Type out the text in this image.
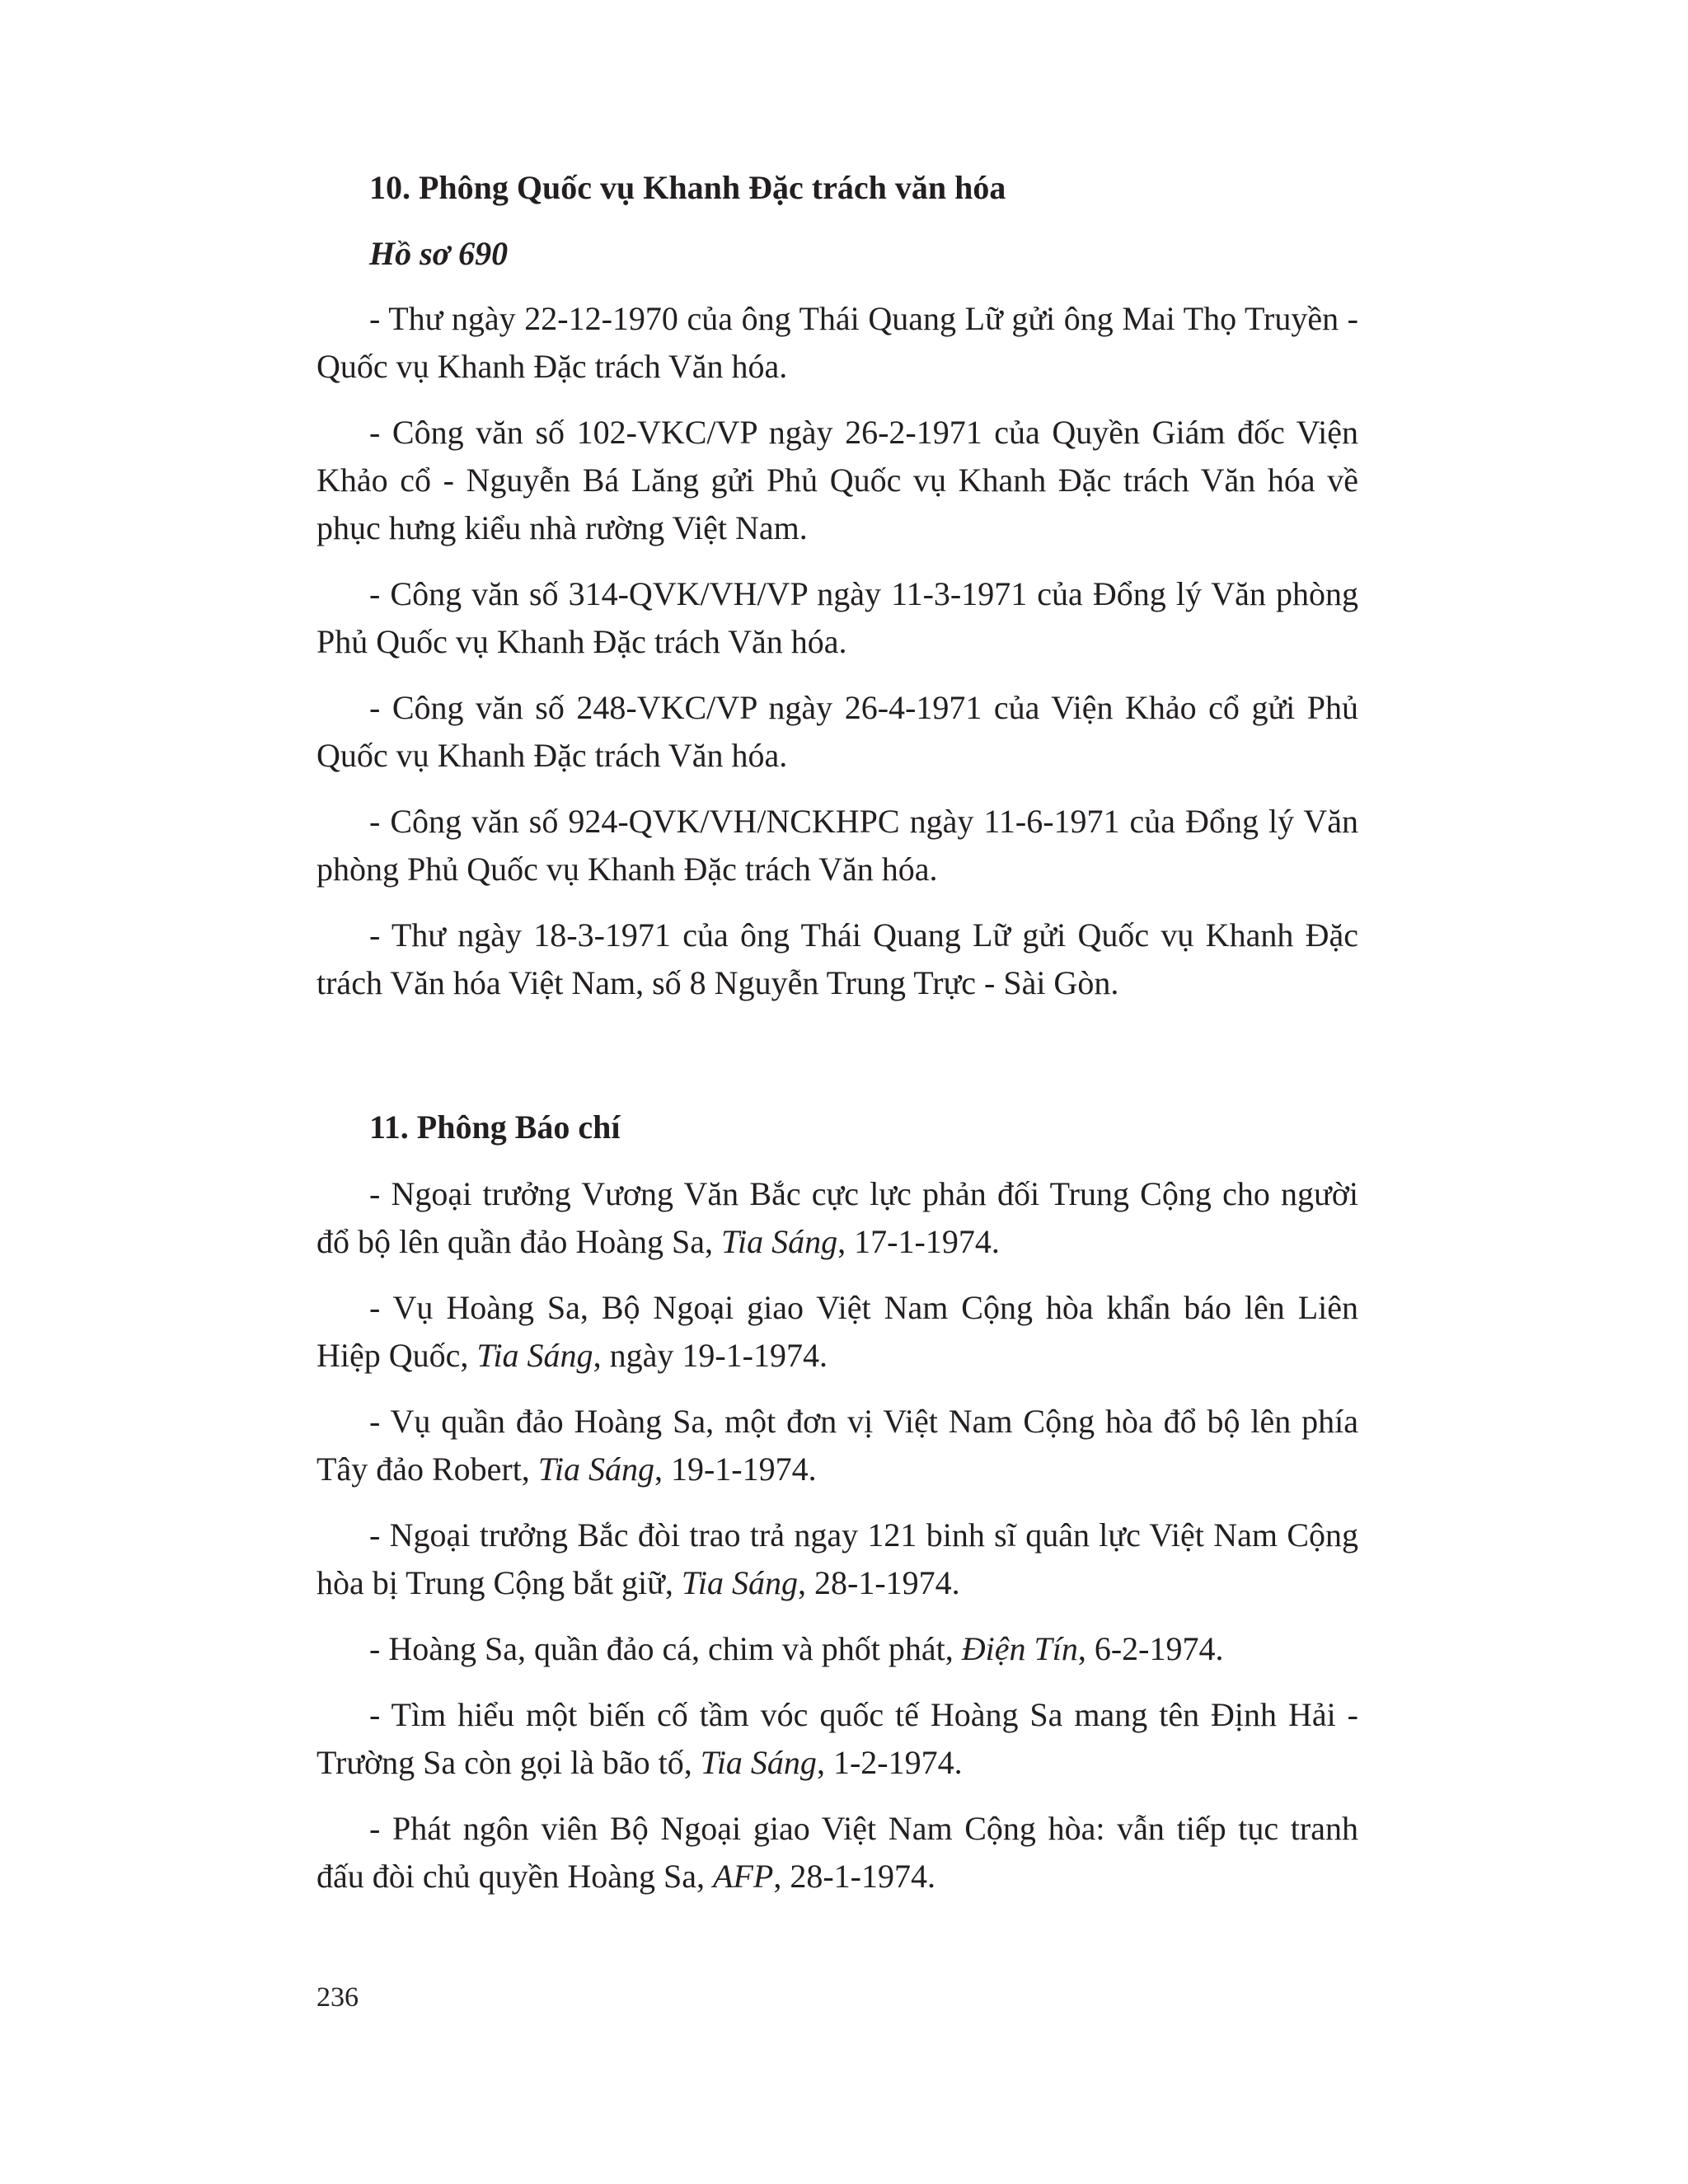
10. Phông Quốc vụ Khanh Đặc trách văn hóa
Hồ sơ 690

- Thư ngày 22-12-1970 của ông Thái Quang Lữ gửi ông Mai Thọ Truyền - Quốc vụ Khanh Đặc trách Văn hóa.

- Công văn số 102-VKC/VP ngày 26-2-1971 của Quyền Giám đốc Viện Khảo cổ - Nguyễn Bá Lăng gửi Phủ Quốc vụ Khanh Đặc trách Văn hóa về phục hưng kiểu nhà rường Việt Nam.

- Công văn số 314-QVK/VH/VP ngày 11-3-1971 của Đổng lý Văn phòng Phủ Quốc vụ Khanh Đặc trách Văn hóa.

- Công văn số 248-VKC/VP ngày 26-4-1971 của Viện Khảo cổ gửi Phủ Quốc vụ Khanh Đặc trách Văn hóa.

- Công văn số 924-QVK/VH/NCKHPC ngày 11-6-1971 của Đổng lý Văn phòng Phủ Quốc vụ Khanh Đặc trách Văn hóa.

- Thư ngày 18-3-1971 của ông Thái Quang Lữ gửi Quốc vụ Khanh Đặc trách Văn hóa Việt Nam, số 8 Nguyễn Trung Trực - Sài Gòn.

11. Phông Báo chí

- Ngoại trưởng Vương Văn Bắc cực lực phản đối Trung Cộng cho người đổ bộ lên quần đảo Hoàng Sa, Tia Sáng, 17-1-1974.

- Vụ Hoàng Sa, Bộ Ngoại giao Việt Nam Cộng hòa khẩn báo lên Liên Hiệp Quốc, Tia Sáng, ngày 19-1-1974.

- Vụ quần đảo Hoàng Sa, một đơn vị Việt Nam Cộng hòa đổ bộ lên phía Tây đảo Robert, Tia Sáng, 19-1-1974.

- Ngoại trưởng Bắc đòi trao trả ngay 121 binh sĩ quân lực Việt Nam Cộng hòa bị Trung Cộng bắt giữ, Tia Sáng, 28-1-1974.

- Hoàng Sa, quần đảo cá, chim và phốt phát, Điện Tín, 6-2-1974.

- Tìm hiểu một biến cố tầm vóc quốc tế Hoàng Sa mang tên Định Hải - Trường Sa còn gọi là bão tố, Tia Sáng, 1-2-1974.

- Phát ngôn viên Bộ Ngoại giao Việt Nam Cộng hòa: vẫn tiếp tục tranh đấu đòi chủ quyền Hoàng Sa, AFP, 28-1-1974.

236
